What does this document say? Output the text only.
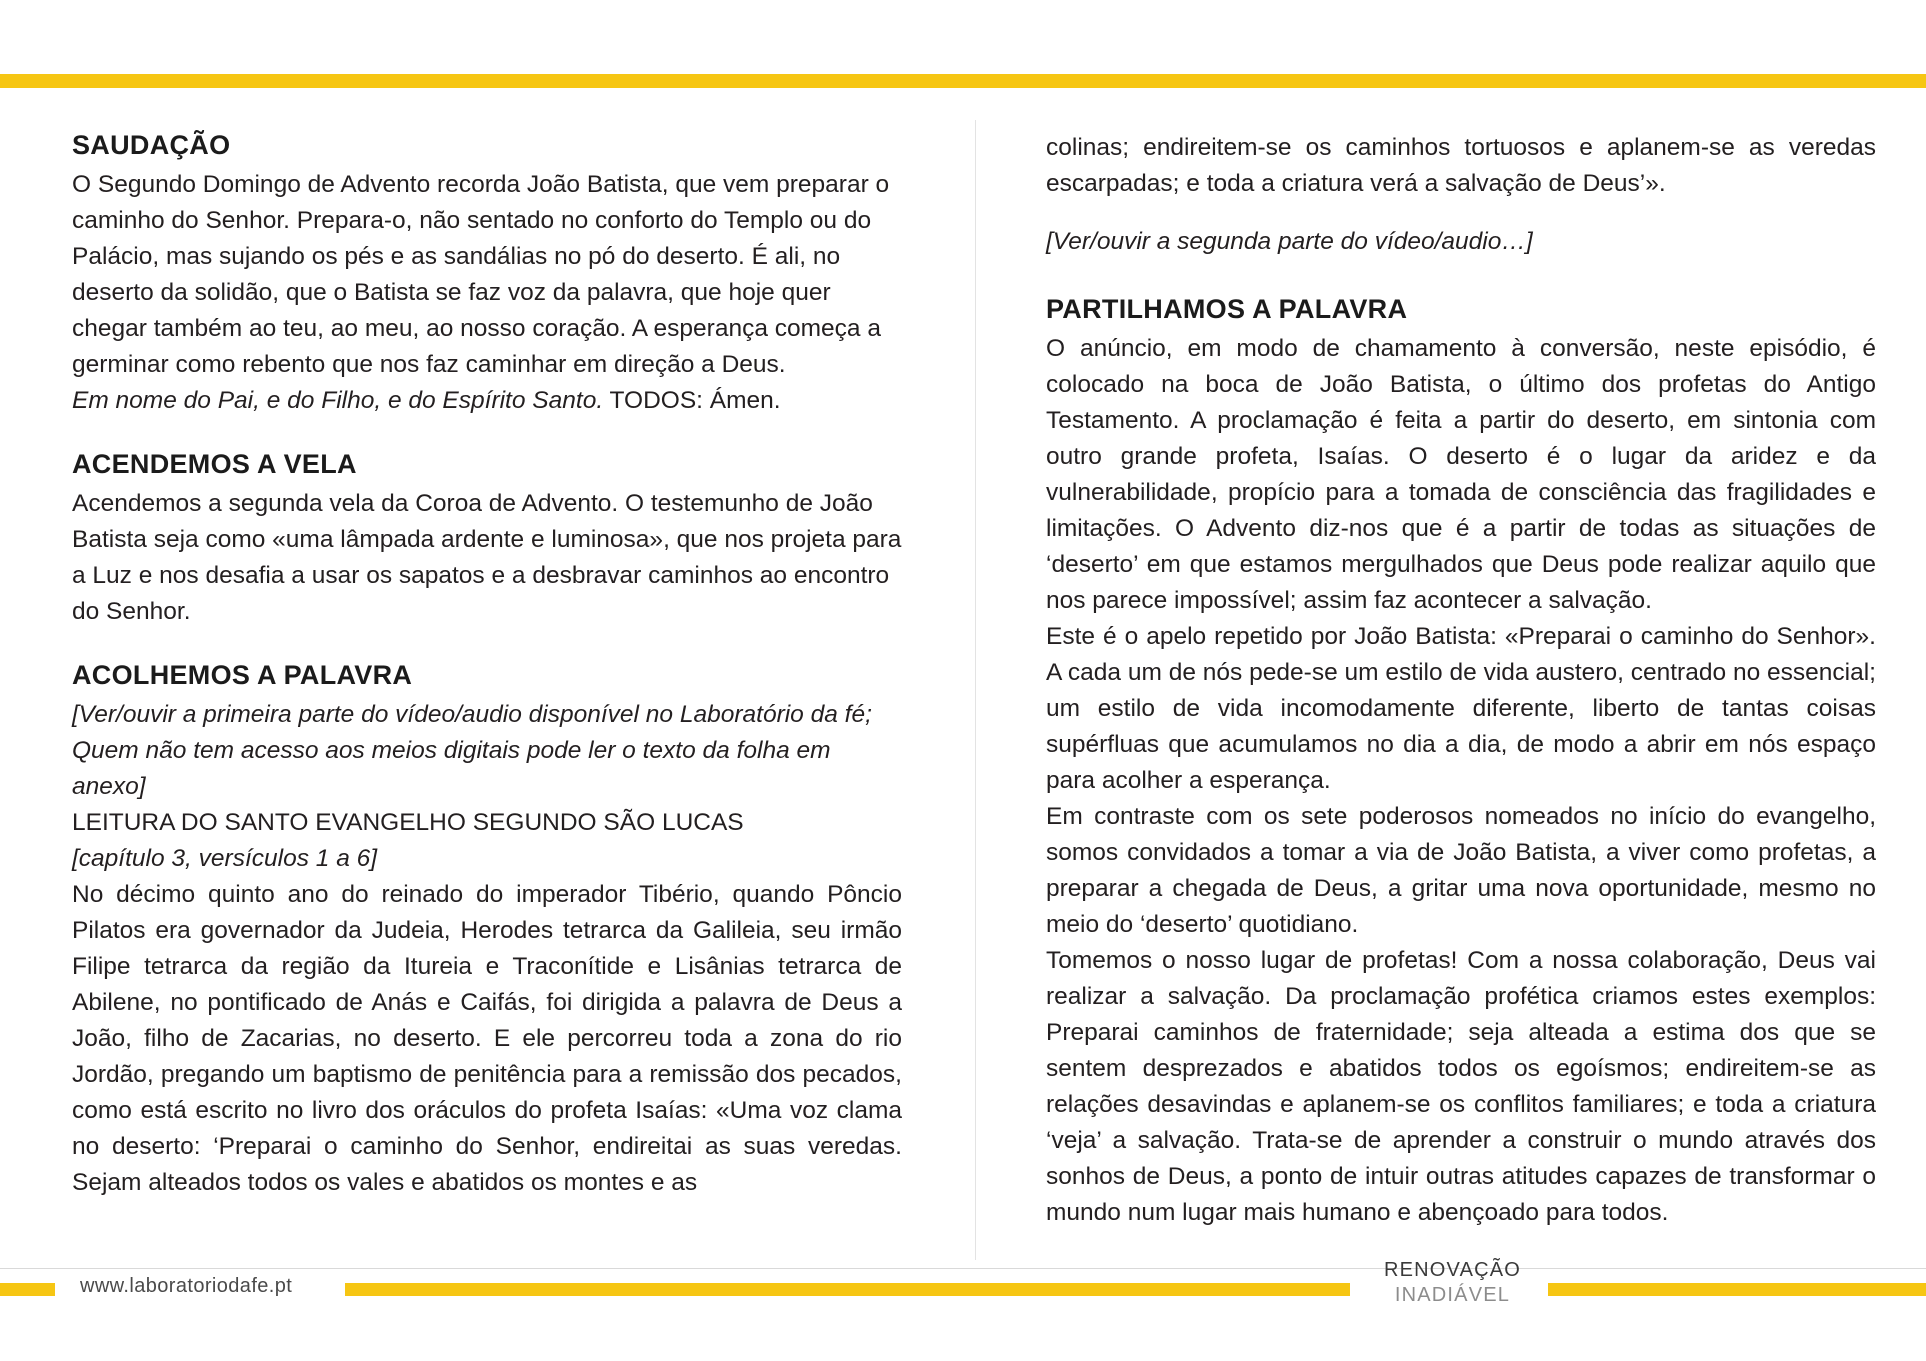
SAUDAÇÃO

O Segundo Domingo de Advento recorda João Batista, que vem preparar o caminho do Senhor. Prepara-o, não sentado no conforto do Templo ou do Palácio, mas sujando os pés e as sandálias no pó do deserto. É ali, no deserto da solidão, que o Batista se faz voz da palavra, que hoje quer chegar também ao teu, ao meu, ao nosso coração. A esperança começa a germinar como rebento que nos faz caminhar em direção a Deus.

Em nome do Pai, e do Filho, e do Espírito Santo. TODOS: Ámen.

ACENDEMOS A VELA

Acendemos a segunda vela da Coroa de Advento. O testemunho de João Batista seja como «uma lâmpada ardente e luminosa», que nos projeta para a Luz e nos desafia a usar os sapatos e a desbravar caminhos ao encontro do Senhor.

ACOLHEMOS A PALAVRA

[Ver/ouvir a primeira parte do vídeo/audio disponível no Laboratório da fé;

Quem não tem acesso aos meios digitais pode ler o texto da folha em anexo]

LEITURA DO SANTO EVANGELHO SEGUNDO SÃO LUCAS

[capítulo 3, versículos 1 a 6]

No décimo quinto ano do reinado do imperador Tibério, quando Pôncio Pilatos era governador da Judeia, Herodes tetrarca da Galileia, seu irmão Filipe tetrarca da região da Itureia e Traconítide e Lisânias tetrarca de Abilene, no pontificado de Anás e Caifás, foi dirigida a palavra de Deus a João, filho de Zacarias, no deserto. E ele percorreu toda a zona do rio Jordão, pregando um baptismo de penitência para a remissão dos pecados, como está escrito no livro dos oráculos do profeta Isaías: «Uma voz clama no deserto: ‘Preparai o caminho do Senhor, endireitai as suas veredas. Sejam alteados todos os vales e abatidos os montes e as

colinas; endireitem-se os caminhos tortuosos e aplanem-se as veredas escarpadas; e toda a criatura verá a salvação de Deus’».

[Ver/ouvir a segunda parte do vídeo/audio…]

PARTILHAMOS A PALAVRA

O anúncio, em modo de chamamento à conversão, neste episódio, é colocado na boca de João Batista, o último dos profetas do Antigo Testamento. A proclamação é feita a partir do deserto, em sintonia com outro grande profeta, Isaías. O deserto é o lugar da aridez e da vulnerabilidade, propício para a tomada de consciência das fragilidades e limitações. O Advento diz-nos que é a partir de todas as situações de ‘deserto’ em que estamos mergulhados que Deus pode realizar aquilo que nos parece impossível; assim faz acontecer a salvação.

Este é o apelo repetido por João Batista: «Preparai o caminho do Senhor». A cada um de nós pede-se um estilo de vida austero, centrado no essencial; um estilo de vida incomodamente diferente, liberto de tantas coisas supérfluas que acumulamos no dia a dia, de modo a abrir em nós espaço para acolher a esperança.

Em contraste com os sete poderosos nomeados no início do evangelho, somos convidados a tomar a via de João Batista, a viver como profetas, a preparar a chegada de Deus, a gritar uma nova oportunidade, mesmo no meio do ‘deserto’ quotidiano.

Tomemos o nosso lugar de profetas! Com a nossa colaboração, Deus vai realizar a salvação. Da proclamação profética criamos estes exemplos: Preparai caminhos de fraternidade; seja alteada a estima dos que se sentem desprezados e abatidos todos os egoísmos; endireitem-se as relações desavindas e aplanem-se os conflitos familiares; e toda a criatura ‘veja’ a salvação. Trata-se de aprender a construir o mundo através dos sonhos de Deus, a ponto de intuir outras atitudes capazes de transformar o mundo num lugar mais humano e abençoado para todos.

www.laboratoriodafe.pt
RENOVAÇÃO
INADIÁVEL
